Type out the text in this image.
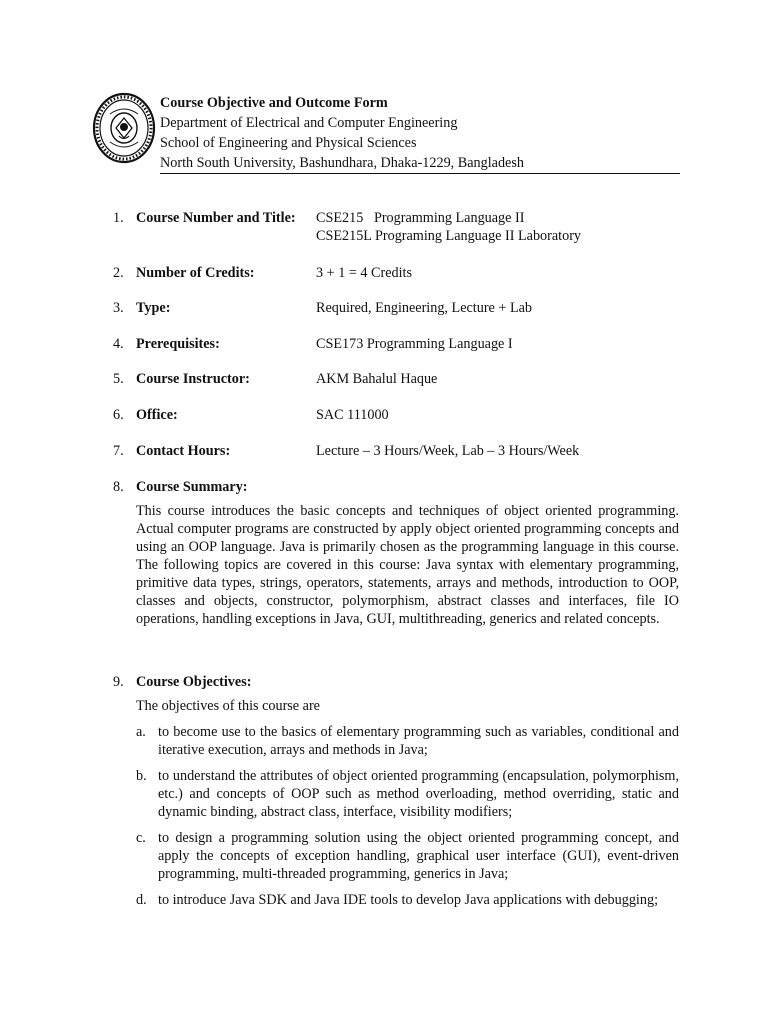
Course Objective and Outcome Form
Department of Electrical and Computer Engineering
School of Engineering and Physical Sciences
North South University, Bashundhara, Dhaka-1229, Bangladesh
1. Course Number and Title: CSE215   Programming Language II
CSE215L Programing Language II Laboratory
2. Number of Credits:	3 + 1 = 4 Credits
3. Type:	Required, Engineering, Lecture + Lab
4. Prerequisites:	CSE173 Programming Language I
5. Course Instructor:	AKM Bahalul Haque
6. Office:	SAC 111000
7. Contact Hours:	Lecture – 3 Hours/Week, Lab – 3 Hours/Week
8. Course Summary:
This course introduces the basic concepts and techniques of object oriented programming. Actual computer programs are constructed by apply object oriented programming concepts and using an OOP language. Java is primarily chosen as the programming language in this course. The following topics are covered in this course: Java syntax with elementary programming, primitive data types, strings, operators, statements, arrays and methods, introduction to OOP, classes and objects, constructor, polymorphism, abstract classes and interfaces, file IO operations, handling exceptions in Java, GUI, multithreading, generics and related concepts.
9. Course Objectives:
The objectives of this course are
a. to become use to the basics of elementary programming such as variables, conditional and iterative execution, arrays and methods in Java;
b. to understand the attributes of object oriented programming (encapsulation, polymorphism, etc.) and concepts of OOP such as method overloading, method overriding, static and dynamic binding, abstract class, interface, visibility modifiers;
c. to design a programming solution using the object oriented programming concept, and apply the concepts of exception handling, graphical user interface (GUI), event-driven programming, multi-threaded programming, generics in Java;
d. to introduce Java SDK and Java IDE tools to develop Java applications with debugging;
